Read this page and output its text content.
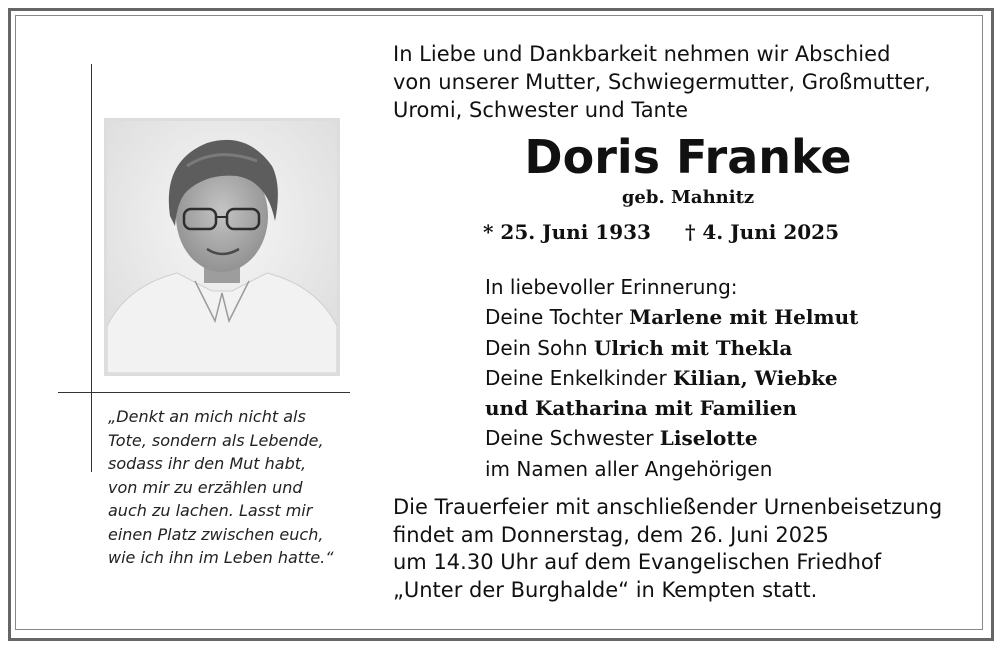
„Denkt an mich nicht als
Tote, sondern als Lebende,
sodass ihr den Mut habt,
von mir zu erzählen und
auch zu lachen. Lasst mir
einen Platz zwischen euch,
wie ich ihn im Leben hatte.“
In Liebe und Dankbarkeit nehmen wir Abschied
von unserer Mutter, Schwiegermutter, Großmutter,
Uromi, Schwester und Tante
Doris Franke
geb. Mahnitz
* 25. Juni 1933 † 4. Juni 2025
In liebevoller Erinnerung:
Deine Tochter Marlene mit Helmut
Dein Sohn Ulrich mit Thekla
Deine Enkelkinder Kilian, Wiebke
und Katharina mit Familien
Deine Schwester Liselotte
im Namen aller Angehörigen
Die Trauerfeier mit anschließender Urnenbeisetzung
findet am Donnerstag, dem 26. Juni 2025
um 14.30 Uhr auf dem Evangelischen Friedhof
„Unter der Burghalde“ in Kempten statt.
